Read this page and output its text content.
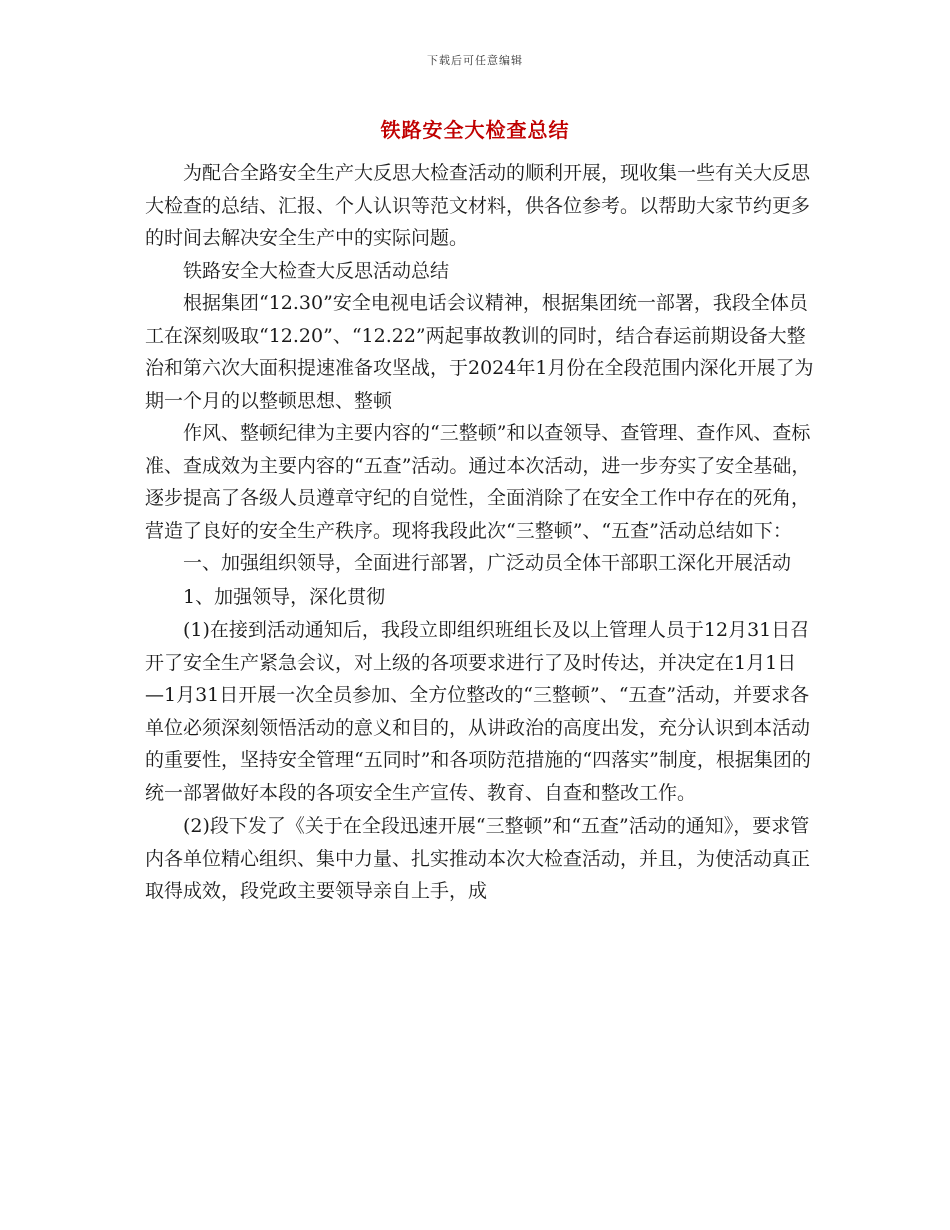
下载后可任意编辑
铁路安全大检查总结

为配合全路安全生产大反思大检查活动的顺利开展，现收集一些有关大反思大检查的总结、汇报、个人认识等范文材料，供各位参考。以帮助大家节约更多的时间去解决安全生产中的实际问题。

铁路安全大检查大反思活动总结

根据集团“12.30”安全电视电话会议精神，根据集团统一部署，我段全体员工在深刻吸取“12.20”、“12.22”两起事故教训的同时，结合春运前期设备大整治和第六次大面积提速准备攻坚战，于2024年1月份在全段范围内深化开展了为期一个月的以整顿思想、整顿

作风、整顿纪律为主要内容的“三整顿”和以查领导、查管理、查作风、查标准、查成效为主要内容的“五查”活动。通过本次活动，进一步夯实了安全基础，逐步提高了各级人员遵章守纪的自觉性，全面消除了在安全工作中存在的死角，营造了良好的安全生产秩序。现将我段此次“三整顿”、“五查”活动总结如下：

一、加强组织领导，全面进行部署，广泛动员全体干部职工深化开展活动

1、加强领导，深化贯彻

(1)在接到活动通知后，我段立即组织班组长及以上管理人员于12月31日召开了安全生产紧急会议，对上级的各项要求进行了及时传达，并决定在1月1日—1月31日开展一次全员参加、全方位整改的“三整顿”、“五查”活动，并要求各单位必须深刻领悟活动的意义和目的，从讲政治的高度出发，充分认识到本活动的重要性，坚持安全管理“五同时”和各项防范措施的“四落实”制度，根据集团的统一部署做好本段的各项安全生产宣传、教育、自查和整改工作。

(2)段下发了《关于在全段迅速开展“三整顿”和“五查”活动的通知》，要求管内各单位精心组织、集中力量、扎实推动本次大检查活动，并且，为使活动真正取得成效，段党政主要领导亲自上手，成
